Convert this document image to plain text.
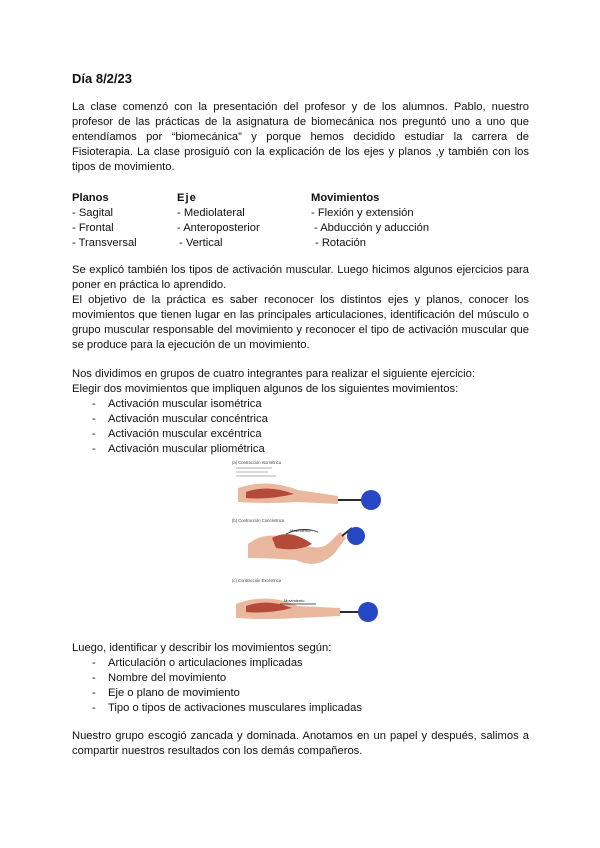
Día 8/2/23

La clase comenzó con la presentación del profesor y de los alumnos. Pablo, nuestro profesor de las prácticas de la asignatura de biomecánica nos preguntó uno a uno que entendíamos por “biomecánica” y porque hemos decidido estudiar la carrera de Fisioterapia. La clase prosiguió con la explicación de los ejes y planos ,y también con los tipos de movimiento.

Planos	Eje	Movimientos
- Sagital	- Mediolateral	- Flexión y extensión
- Frontal	- Anteroposterior	- Abducción y aducción
- Transversal	- Vertical	- Rotación

Se explicó también los tipos de activación muscular. Luego hicimos algunos ejercicios para poner en práctica lo aprendido.

El objetivo de la práctica es saber reconocer los distintos ejes y planos, conocer los movimientos que tienen lugar en las principales articulaciones, identificación del músculo o grupo muscular responsable del movimiento y reconocer el tipo de activación muscular que se produce para la ejecución de un movimiento.

Nos dividimos en grupos de cuatro integrantes para realizar el siguiente ejercicio:

Elegir dos movimientos que impliquen algunos de los siguientes movimientos:

- Activación muscular isométrica
- Activación muscular concéntrica
- Activación muscular excéntrica
- Activación muscular pliométrica
(a) Contracción Isométrica
(b) Contracción Concéntrica
Movimiento
(c) Contracción Excéntrica
Movimiento

Luego, identificar y describir los movimientos según:

- Articulación o articulaciones implicadas
- Nombre del movimiento
- Eje o plano de movimiento
- Tipo o tipos de activaciones musculares implicadas

Nuestro grupo escogió zancada y dominada. Anotamos en un papel y después, salimos a compartir nuestros resultados con los demás compañeros.
